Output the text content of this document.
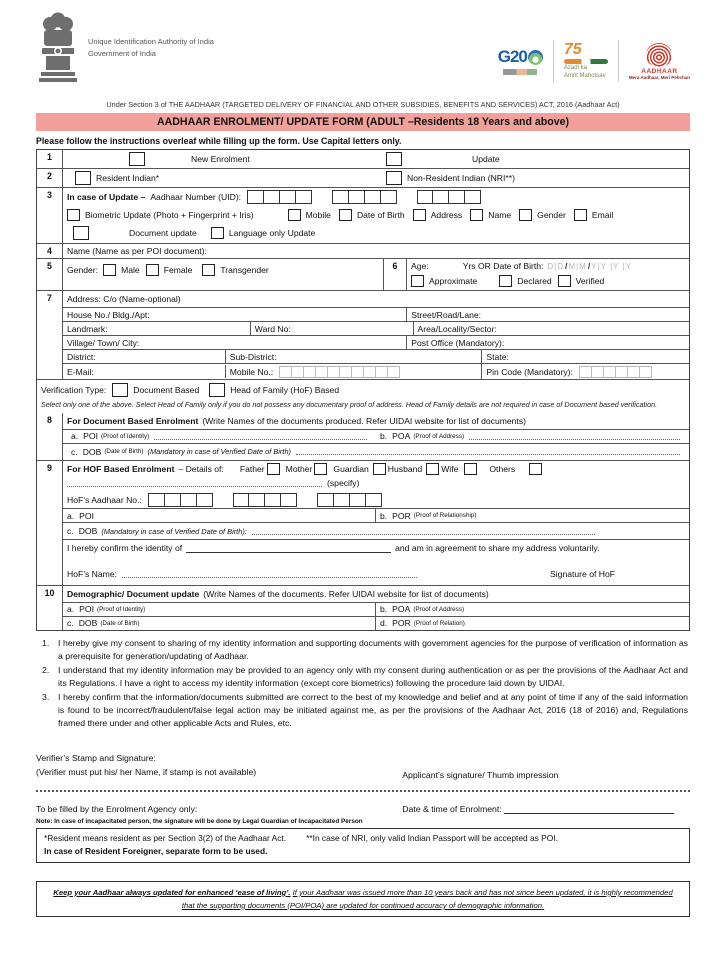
Unique Identification Authority of India
Government of India	G20 75
Azadi ka
Amrit Mahotsav
AADHAAR
Mera Aadhaar, Meri Pehchan
Under Section 3 of THE AADHAAR (TARGETED DELIVERY OF FINANCIAL AND OTHER SUBSIDIES, BENEFITS AND SERVICES) ACT, 2016 (Aadhaar Act)
AADHAAR ENROLMENT/ UPDATE FORM (ADULT –Residents 18 Years and above)
Please follow the instructions overleaf while filling up the form. Use Capital letters only.
1	New Enrolment	Update
2	Resident Indian*	Non-Resident Indian (NRI**)
3	In case of Update – Aadhaar Number (UID):
Biometric Update (Photo + Fingerprint + Iris)	Mobile	Date of Birth	Address	Name	Gender	Email
Document update	Language only Update
4	Name (Name as per POI document):
5	Gender:	Male	Female	Transgender	6	Age:	Yrs OR Date of Birth: D|D/M|M/Y|Y |Y |Y
Approximate	Declared	Verified
7	Address: C/o (Name-optional)
House No./ Bldg./Apt:	Street/Road/Lane:
Landmark:	Ward No:	Area/Locality/Sector:
Village/ Town/ City:	Post Office (Mandatory):
District:	Sub-District:	State:
E-Mail:	Mobile No.:	Pin Code (Mandatory):
Verification Type:	Document Based	Head of Family (HoF) Based
Select only one of the above. Select Head of Family only if you do not possess any documentary proof of address. Head of Family details are not required in case of Document based verification.
8	For Document Based Enrolment (Write Names of the documents produced. Refer UIDAI website for list of documents)
a. POI (Proof of Identity)	b. POA (Proof of Address)
c. DOB (Date of Birth) (Mandatory in case of Verified Date of Birth)
9	For HOF Based Enrolment – Details of: Father Mother Guardian Husband Wife	Others
(specify)
HoF’s Aadhaar No.:
a. POI	b. POR (Proof of Relationship)
c. DOB (Mandatory in case of Verified Date of Birth):
I hereby confirm the identity of	and am in agreement to share my address voluntarily.
HoF’s Name:	Signature of HoF
10	Demographic/ Document update (Write Names of the documents. Refer UIDAI website for list of documents)
a. POI (Proof of Identity)	b. POA (Proof of Address)
c. DOB (Date of Birth)	d. POR (Proof of Relation)
I hereby give my consent to sharing of my identity information and supporting documents with government agencies for the purpose of verification of information as a prerequisite for generation/updating of Aadhaar.
I understand that my identity information may be provided to an agency only with my consent during authentication or as per the provisions of the Aadhaar Act and its Regulations. I have a right to access my identity information (except core biometrics) following the procedure laid down by UIDAI.
I hereby confirm that the information/documents submitted are correct to the best of my knowledge and belief and at any point of time if any of the said information is found to be incorrect/fraudulent/false legal action may be initiated against me, as per the provisions of the Aadhaar Act, 2016 (18 of 2016) and, Regulations framed there under and other applicable Acts and Rules, etc.
Verifier’s Stamp and Signature:
(Verifier must put his/ her Name, if stamp is not available)	Applicant’s signature/ Thumb impression
To be filled by the Enrolment Agency only:	Date & time of Enrolment:
Note: In case of incapacitated person, the signature will be done by Legal Guardian of Incapacitated Person
*Resident means resident as per Section 3(2) of the Aadhaar Act. **In case of NRI, only valid Indian Passport will be accepted as POI.
In case of Resident Foreigner, separate form to be used.
Keep your Aadhaar always updated for enhanced ‘ease of living’. If your Aadhaar was issued more than 10 years back and has not since been updated, it is highly recommended that the supporting documents (POI/POA) are updated for continued accuracy of demographic information.
